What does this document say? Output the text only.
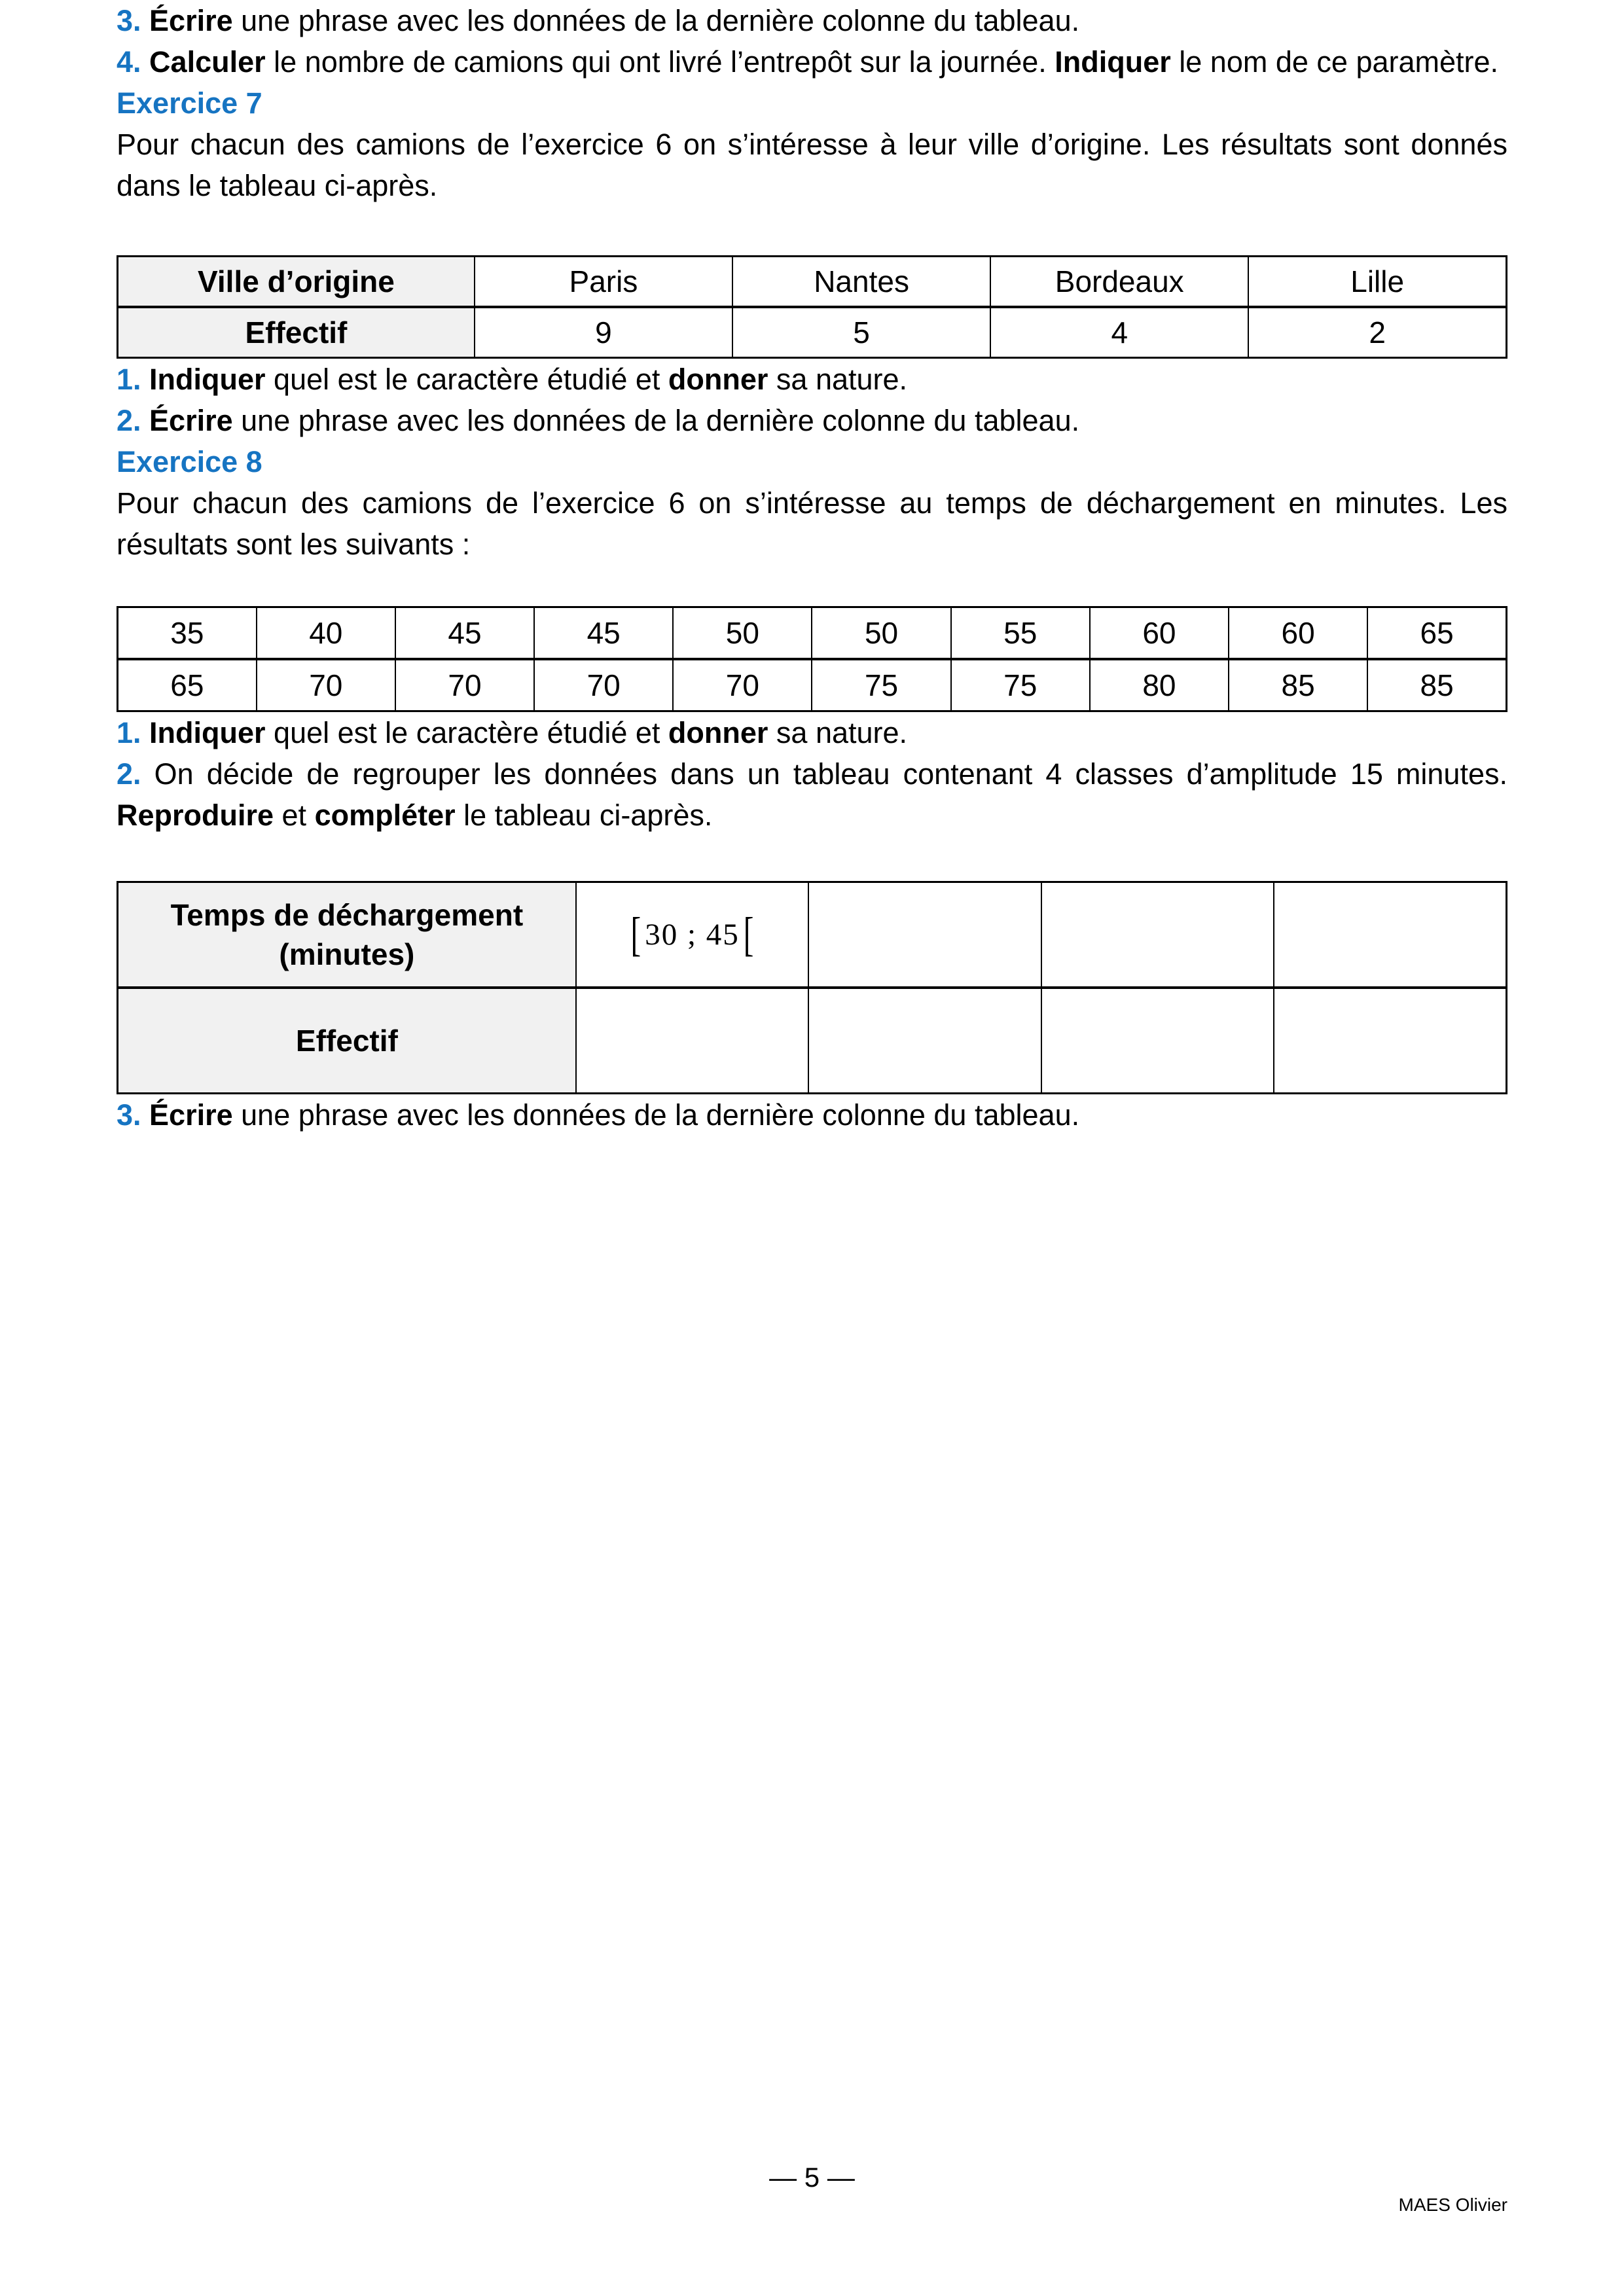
3. Écrire une phrase avec les données de la dernière colonne du tableau.

4. Calculer le nombre de camions qui ont livré l’entrepôt sur la journée. Indiquer le nom de ce paramètre.

Exercice 7

Pour chacun des camions de l’exercice 6 on s’intéresse à leur ville d’origine. Les résultats sont donnés dans le tableau ci-après.

Ville d’origine	Paris	Nantes	Bordeaux	Lille
Effectif	9	5	4	2

1. Indiquer quel est le caractère étudié et donner sa nature.

2. Écrire une phrase avec les données de la dernière colonne du tableau.

Exercice 8

Pour chacun des camions de l’exercice 6 on s’intéresse au temps de déchargement en minutes. Les résultats sont les suivants :

35	40	45	45	50	50	55	60	60	65
65	70	70	70	70	75	75	80	85	85

1. Indiquer quel est le caractère étudié et donner sa nature.

2. On décide de regrouper les données dans un tableau contenant 4 classes d’amplitude 15 minutes. Reproduire et compléter le tableau ci-après.

Temps de déchargement (minutes)	[ 30 ; 45 [			
Effectif				

3. Écrire une phrase avec les données de la dernière colonne du tableau.

— 5 —
MAES Olivier
